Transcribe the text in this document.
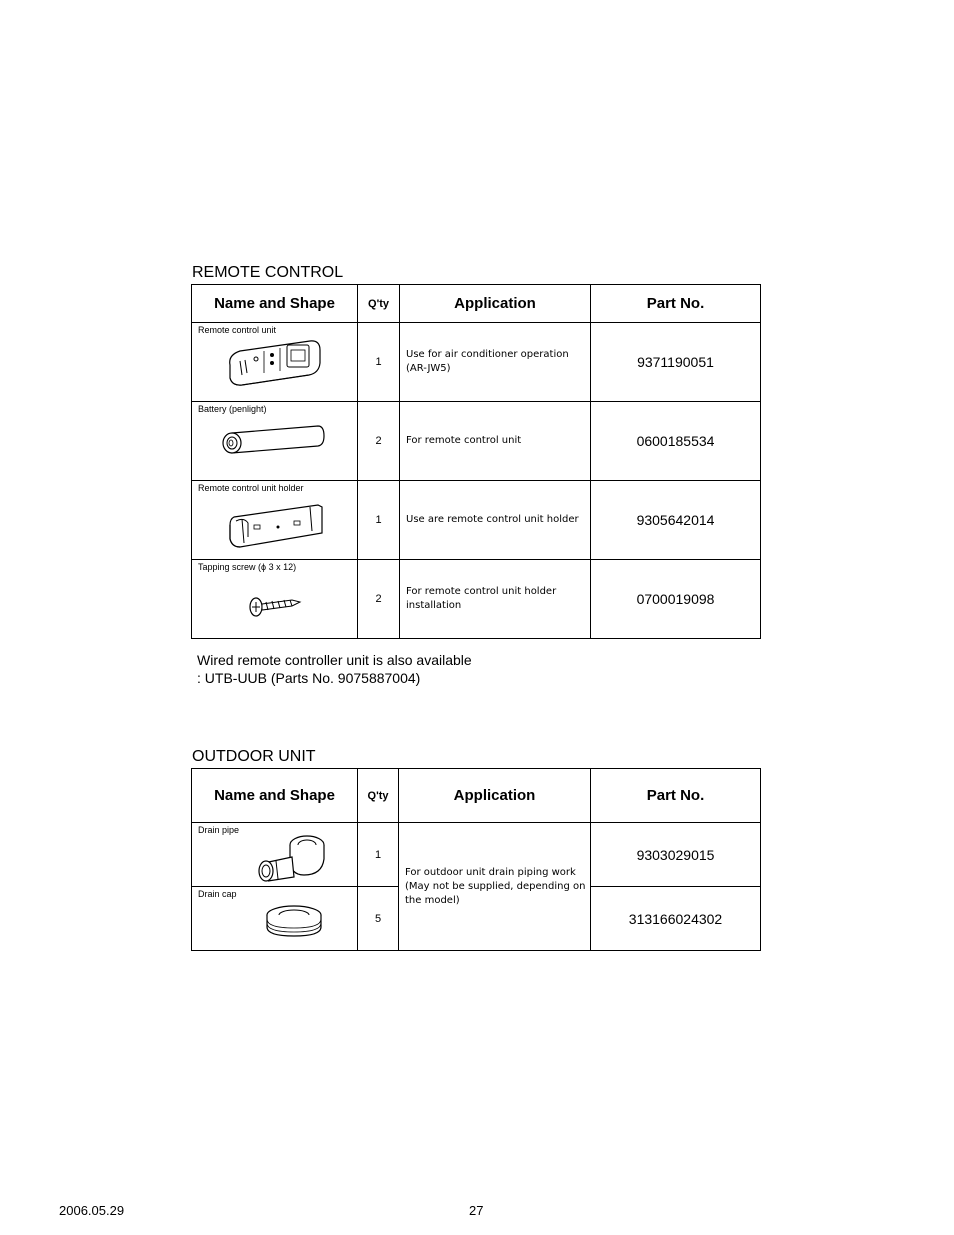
REMOTE CONTROL
Name and Shape	Q'ty	Application	Part No.

Remote control unit	1	Use for air conditioner operation (AR-JW5)	9371190051

Battery (penlight)	2	For remote control unit	0600185534

Remote control unit holder	1	Use are remote control unit holder	9305642014

Tapping screw (ϕ 3 x 12)	2	For remote control unit holder installation	0700019098
Wired remote controller unit is also available
: UTB-UUB (Parts No. 9075887004)
OUTDOOR UNIT
Name and Shape	Q'ty	Application	Part No.

Drain pipe	1	For outdoor unit drain piping work (May not be supplied, depending on the model)	9303029015

Drain cap	5		313166024302
2006.05.29	27
